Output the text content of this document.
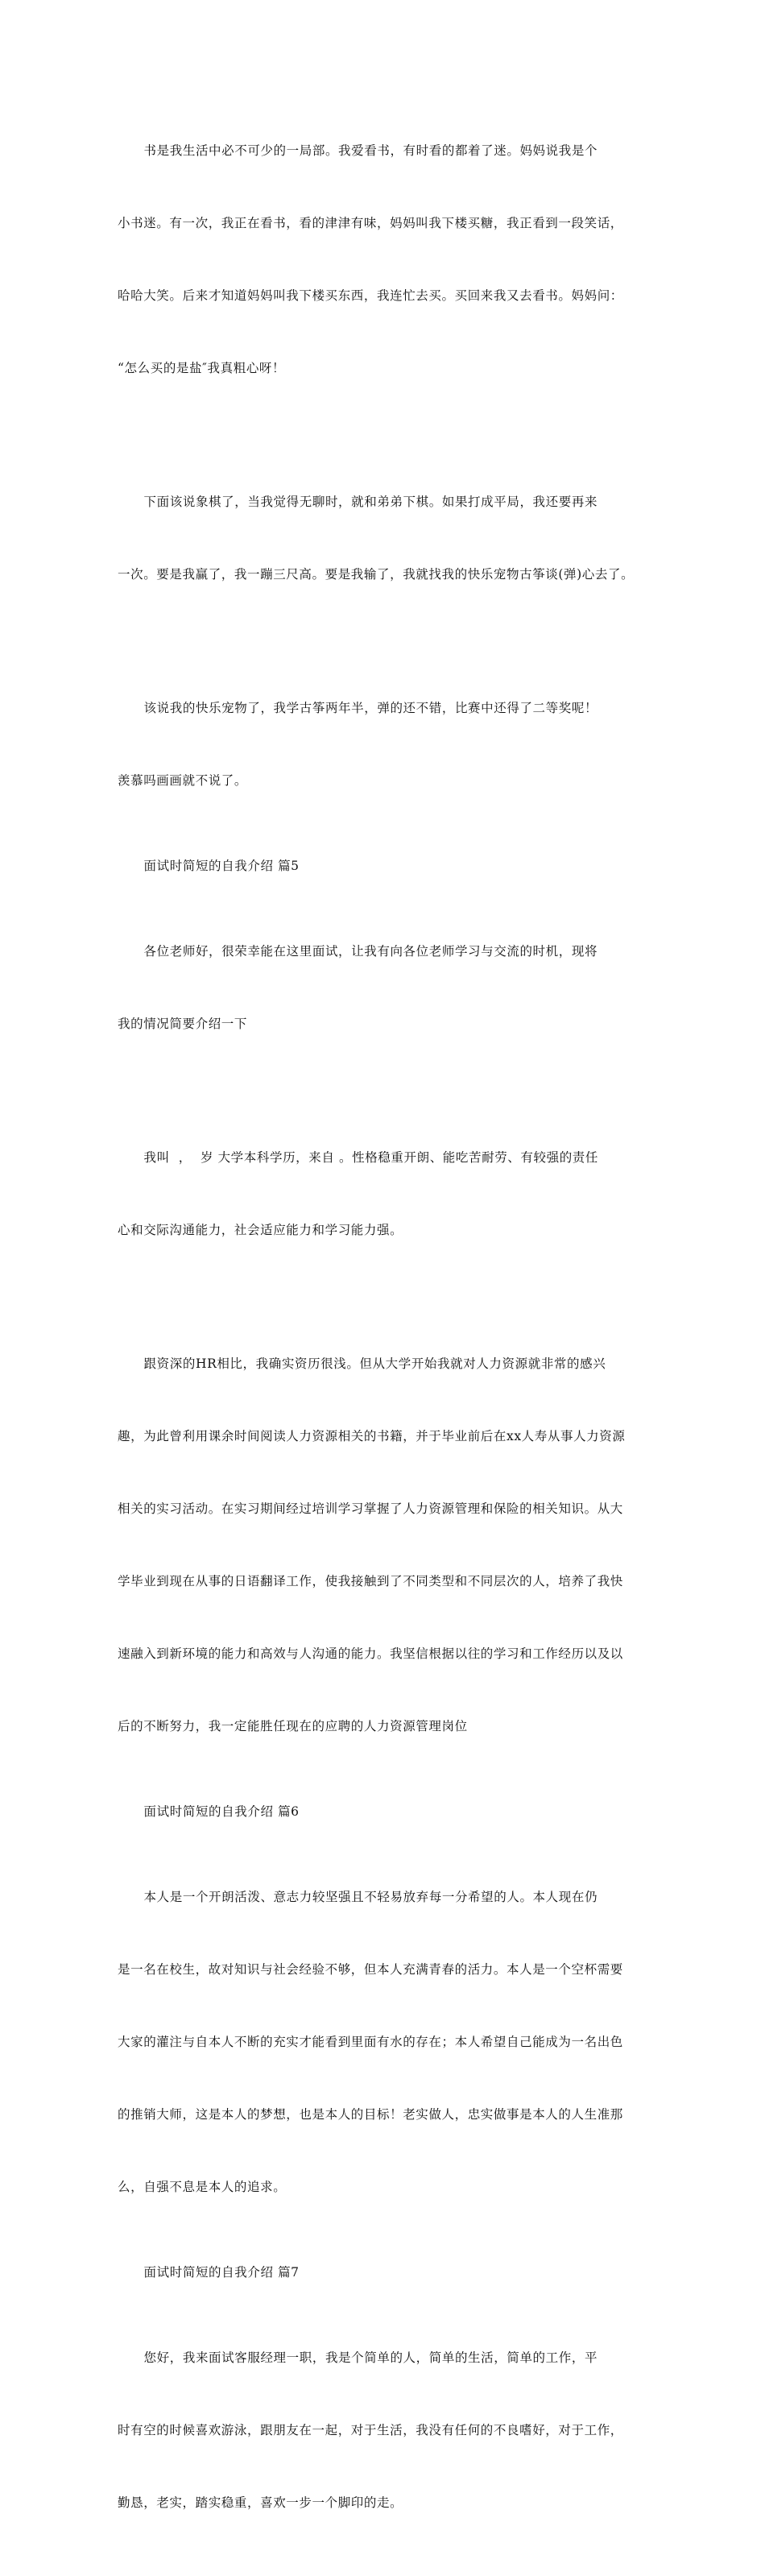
书是我生活中必不可少的一局部。我爱看书，有时看的都着了迷。妈妈说我是个

小书迷。有一次，我正在看书，看的津津有味，妈妈叫我下楼买糖，我正看到一段笑话，

哈哈大笑。后来才知道妈妈叫我下楼买东西，我连忙去买。买回来我又去看书。妈妈问：

“怎么买的是盐″我真粗心呀！

下面该说象棋了，当我觉得无聊时，就和弟弟下棋。如果打成平局，我还要再来

一次。要是我赢了，我一蹦三尺高。要是我输了，我就找我的快乐宠物古筝谈(弹)心去了。

该说我的快乐宠物了，我学古筝两年半，弹的还不错，比赛中还得了二等奖呢！

羡慕吗画画就不说了。

面试时简短的自我介绍 篇5

各位老师好，很荣幸能在这里面试，让我有向各位老师学习与交流的时机，现将

我的情况简要介绍一下

我叫  ，  岁 大学本科学历，来自 。性格稳重开朗、能吃苦耐劳、有较强的责任

心和交际沟通能力，社会适应能力和学习能力强。

跟资深的HR相比，我确实资历很浅。但从大学开始我就对人力资源就非常的感兴

趣，为此曾利用课余时间阅读人力资源相关的书籍，并于毕业前后在xx人寿从事人力资源

相关的实习活动。在实习期间经过培训学习掌握了人力资源管理和保险的相关知识。从大

学毕业到现在从事的日语翻译工作，使我接触到了不同类型和不同层次的人，培养了我快

速融入到新环境的能力和高效与人沟通的能力。我坚信根据以往的学习和工作经历以及以

后的不断努力，我一定能胜任现在的应聘的人力资源管理岗位

面试时简短的自我介绍 篇6

本人是一个开朗活泼、意志力较坚强且不轻易放弃每一分希望的人。本人现在仍

是一名在校生，故对知识与社会经验不够，但本人充满青春的活力。本人是一个空杯需要

大家的灌注与自本人不断的充实才能看到里面有水的存在；本人希望自己能成为一名出色

的推销大师，这是本人的梦想，也是本人的目标！老实做人，忠实做事是本人的人生准那

么，自强不息是本人的追求。

面试时简短的自我介绍 篇7

您好，我来面试客服经理一职，我是个简单的人，简单的生活，简单的工作，平

时有空的时候喜欢游泳，跟朋友在一起，对于生活，我没有任何的不良嗜好，对于工作，

勤恳，老实，踏实稳重，喜欢一步一个脚印的走。
